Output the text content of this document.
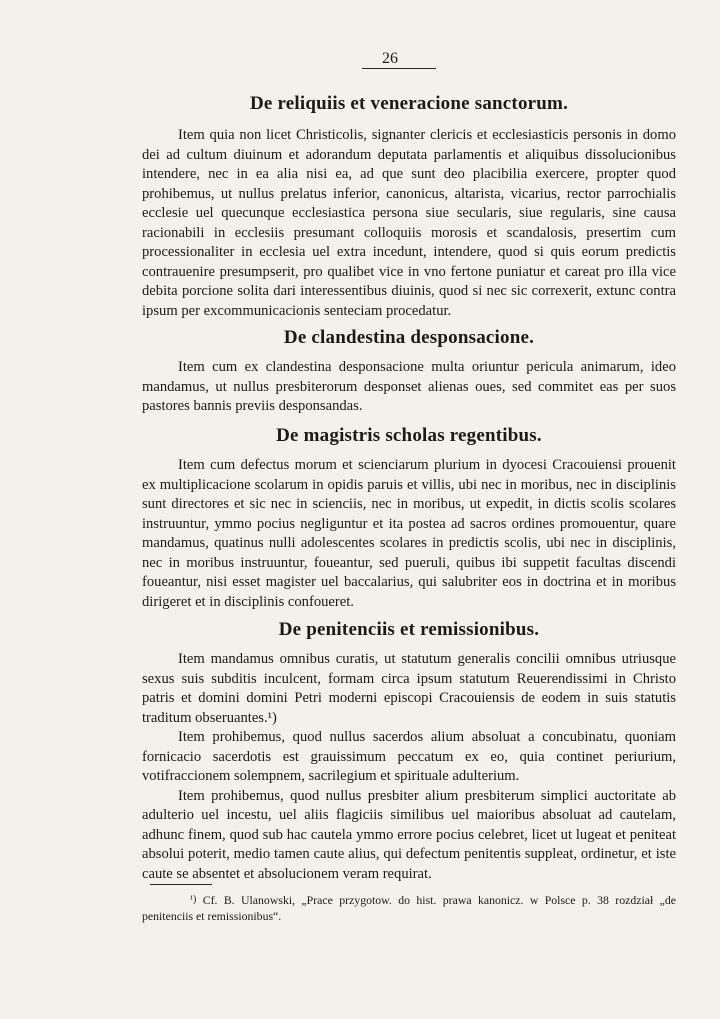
26
De reliquiis et veneracione sanctorum.

Item quia non licet Christicolis, signanter clericis et ecclesiasticis personis in domo dei ad cultum diuinum et adorandum deputata parlamentis et aliquibus dissolucionibus intendere, nec in ea alia nisi ea, ad que sunt deo placibilia exercere, propter quod prohibemus, ut nullus prelatus inferior, canonicus, altarista, vicarius, rector parrochialis ecclesie uel quecunque ecclesiastica persona siue secularis, siue regularis, sine causa racionabili in ecclesiis presumant colloquiis morosis et scandalosis, presertim cum processionaliter in ecclesia uel extra incedunt, intendere, quod si quis eorum predictis contrauenire presumpserit, pro qualibet vice in vno fertone puniatur et careat pro illa vice debita porcione solita dari interessentibus diuinis, quod si nec sic correxerit, extunc contra ipsum per excommunicacionis senteciam procedatur.

De clandestina desponsacione.

Item cum ex clandestina desponsacione multa oriuntur pericula animarum, ideo mandamus, ut nullus presbiterorum desponset alienas oues, sed commitet eas per suos pastores bannis previis desponsandas.

De magistris scholas regentibus.

Item cum defectus morum et scienciarum plurium in dyocesi Cracouiensi prouenit ex multiplicacione scolarum in opidis paruis et villis, ubi nec in moribus, nec in disciplinis sunt directores et sic nec in scienciis, nec in moribus, ut expedit, in dictis scolis scolares instruuntur, ymmo pocius negliguntur et ita postea ad sacros ordines promouentur, quare mandamus, quatinus nulli adolescentes scolares in predictis scolis, ubi nec in disciplinis, nec in moribus instruuntur, foueantur, sed pueruli, quibus ibi suppetit facultas discendi foueantur, nisi esset magister uel baccalarius, qui salubriter eos in doctrina et in moribus dirigeret et in disciplinis confoueret.

De penitenciis et remissionibus.

Item mandamus omnibus curatis, ut statutum generalis concilii omnibus utriusque sexus suis subditis inculcent, formam circa ipsum statutum Reuerendissimi in Christo patris et domini domini Petri moderni episcopi Cracouiensis de eodem in suis statutis traditum obseruantes.¹)

Item prohibemus, quod nullus sacerdos alium absoluat a concubinatu, quoniam fornicacio sacerdotis est grauissimum peccatum ex eo, quia continet periurium, votifraccionem solempnem, sacrilegium et spirituale adulterium.

Item prohibemus, quod nullus presbiter alium presbiterum simplici auctoritate ab adulterio uel incestu, uel aliis flagiciis similibus uel maioribus absoluat ad cautelam, adhunc finem, quod sub hac cautela ymmo errore pocius celebret, licet ut lugeat et peniteat absolui poterit, medio tamen caute alius, qui defectum penitentis suppleat, ordinetur, et iste caute se absentet et absolucionem veram requirat.

$^{^1)}$ Cf. B. Ulanowski, „Prace przygotow. do hist. prawa kanonicz. w Polsce p. 38 rozdział „de penitenciis et remissionibus“.
